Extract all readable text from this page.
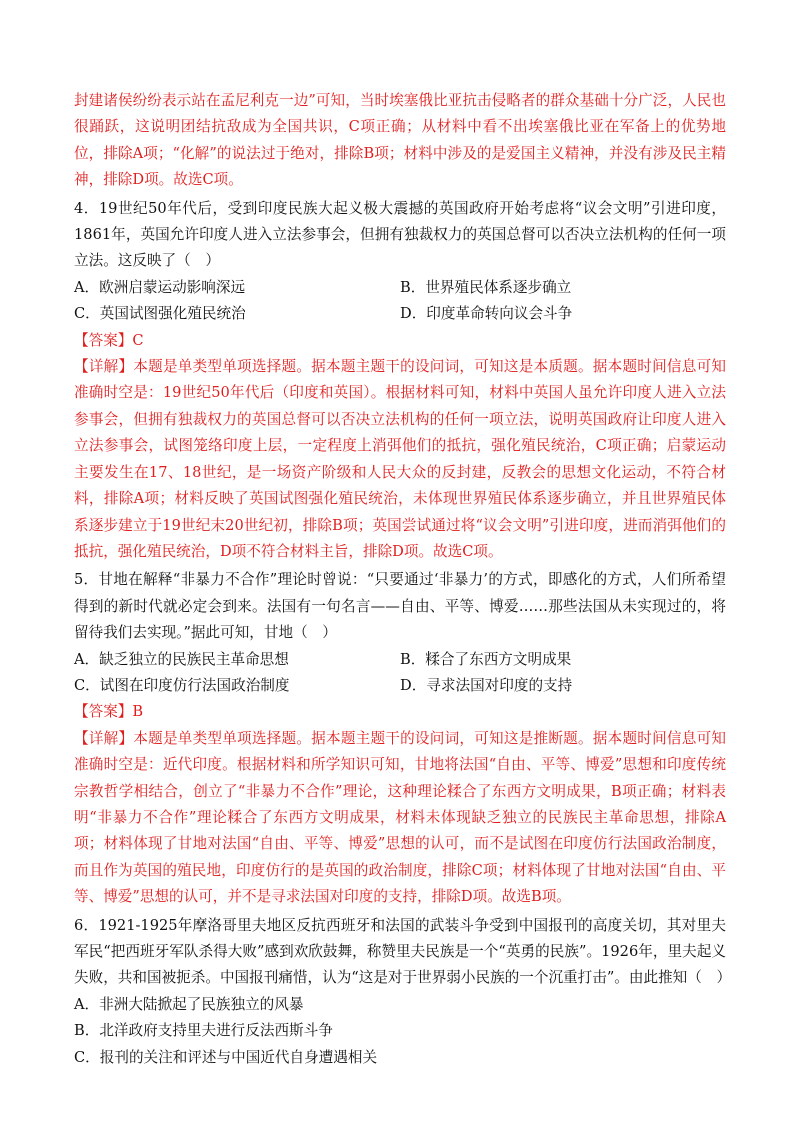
封建诸侯纷纷表示站在孟尼利克一边”可知，当时埃塞俄比亚抗击侵略者的群众基础十分广泛，人民也很踊跃，这说明团结抗敌成为全国共识，C项正确；从材料中看不出埃塞俄比亚在军备上的优势地位，排除A项；“化解”的说法过于绝对，排除B项；材料中涉及的是爱国主义精神，并没有涉及民主精神，排除D项。故选C项。

4．19世纪50年代后，受到印度民族大起义极大震撼的英国政府开始考虑将“议会文明”引进印度，1861年，英国允许印度人进入立法参事会，但拥有独裁权力的英国总督可以否决立法机构的任何一项立法。这反映了（　）

A．欧洲启蒙运动影响深远	B．世界殖民体系逐步确立
C．英国试图强化殖民统治	D．印度革命转向议会斗争

【答案】C

【详解】本题是单类型单项选择题。据本题主题干的设问词，可知这是本质题。据本题时间信息可知准确时空是：19世纪50年代后（印度和英国）。根据材料可知，材料中英国人虽允许印度人进入立法参事会，但拥有独裁权力的英国总督可以否决立法机构的任何一项立法，说明英国政府让印度人进入立法参事会，试图笼络印度上层，一定程度上消弭他们的抵抗，强化殖民统治，C项正确；启蒙运动主要发生在17、18世纪，是一场资产阶级和人民大众的反封建，反教会的思想文化运动，不符合材料，排除A项；材料反映了英国试图强化殖民统治，未体现世界殖民体系逐步确立，并且世界殖民体系逐步建立于19世纪末20世纪初，排除B项；英国尝试通过将“议会文明”引进印度，进而消弭他们的抵抗，强化殖民统治，D项不符合材料主旨，排除D项。故选C项。

5．甘地在解释“非暴力不合作”理论时曾说：“只要通过‘非暴力’的方式，即感化的方式，人们所希望得到的新时代就必定会到来。法国有一句名言——自由、平等、博爱……那些法国从未实现过的，将留待我们去实现。”据此可知，甘地（　）

A．缺乏独立的民族民主革命思想	B．糅合了东西方文明成果
C．试图在印度仿行法国政治制度	D．寻求法国对印度的支持

【答案】B

【详解】本题是单类型单项选择题。据本题主题干的设问词，可知这是推断题。据本题时间信息可知准确时空是：近代印度。根据材料和所学知识可知，甘地将法国“自由、平等、博爱”思想和印度传统宗教哲学相结合，创立了“非暴力不合作”理论，这种理论糅合了东西方文明成果，B项正确；材料表明“非暴力不合作”理论糅合了东西方文明成果，材料未体现缺乏独立的民族民主革命思想，排除A项；材料体现了甘地对法国“自由、平等、博爱”思想的认可，而不是试图在印度仿行法国政治制度，而且作为英国的殖民地，印度仿行的是英国的政治制度，排除C项；材料体现了甘地对法国“自由、平等、博爱”思想的认可，并不是寻求法国对印度的支持，排除D项。故选B项。

6．1921-1925年摩洛哥里夫地区反抗西班牙和法国的武装斗争受到中国报刊的高度关切，其对里夫军民“把西班牙军队杀得大败”感到欢欣鼓舞，称赞里夫民族是一个“英勇的民族”。1926年，里夫起义失败，共和国被扼杀。中国报刊痛惜，认为“这是对于世界弱小民族的一个沉重打击”。由此推知（　）

A．非洲大陆掀起了民族独立的风暴
B．北洋政府支持里夫进行反法西斯斗争
C．报刊的关注和评述与中国近代自身遭遇相关
